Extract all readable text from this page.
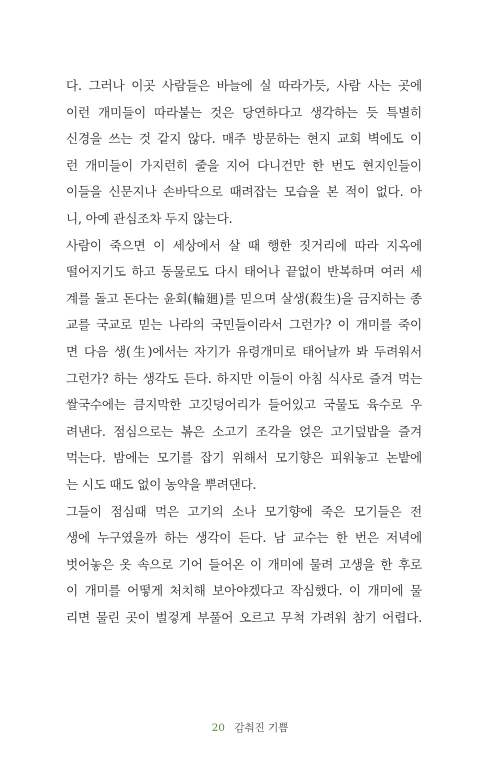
다. 그러나 이곳 사람들은 바늘에 실 따라가듯, 사람 사는 곳에
이런 개미들이 따라붙는 것은 당연하다고 생각하는 듯 특별히
신경을 쓰는 것 같지 않다. 매주 방문하는 현지 교회 벽에도 이
런 개미들이 가지런히 줄을 지어 다니건만 한 번도 현지인들이
이들을 신문지나 손바닥으로 때려잡는 모습을 본 적이 없다. 아
니, 아예 관심조차 두지 않는다.
사람이 죽으면 이 세상에서 살 때 행한 짓거리에 따라 지옥에
떨어지기도 하고 동물로도 다시 태어나 끝없이 반복하며 여러 세
계를 돌고 돈다는 윤회(輪廻)를 믿으며 살생(殺生)을 금지하는 종
교를 국교로 믿는 나라의 국민들이라서 그런가? 이 개미를 죽이
면 다음 생(生)에서는 자기가 유령개미로 태어날까 봐 두려워서
그런가? 하는 생각도 든다. 하지만 이들이 아침 식사로 즐겨 먹는
쌀국수에는 큼지막한 고깃덩어리가 들어있고 국물도 육수로 우
려낸다. 점심으로는 볶은 소고기 조각을 얹은 고기덮밥을 즐겨
먹는다. 밤에는 모기를 잡기 위해서 모기향은 피워놓고 논밭에
는 시도 때도 없이 농약을 뿌려댄다.
그들이 점심때 먹은 고기의 소나 모기향에 죽은 모기들은 전
생에 누구였을까 하는 생각이 든다. 남 교수는 한 번은 저녁에
벗어놓은 옷 속으로 기어 들어온 이 개미에 물려 고생을 한 후로
이 개미를 어떻게 처치해 보아야겠다고 작심했다. 이 개미에 물
리면 물린 곳이 벌겋게 부풀어 오르고 무척 가려워 참기 어렵다.
20 감춰진 기쁨
